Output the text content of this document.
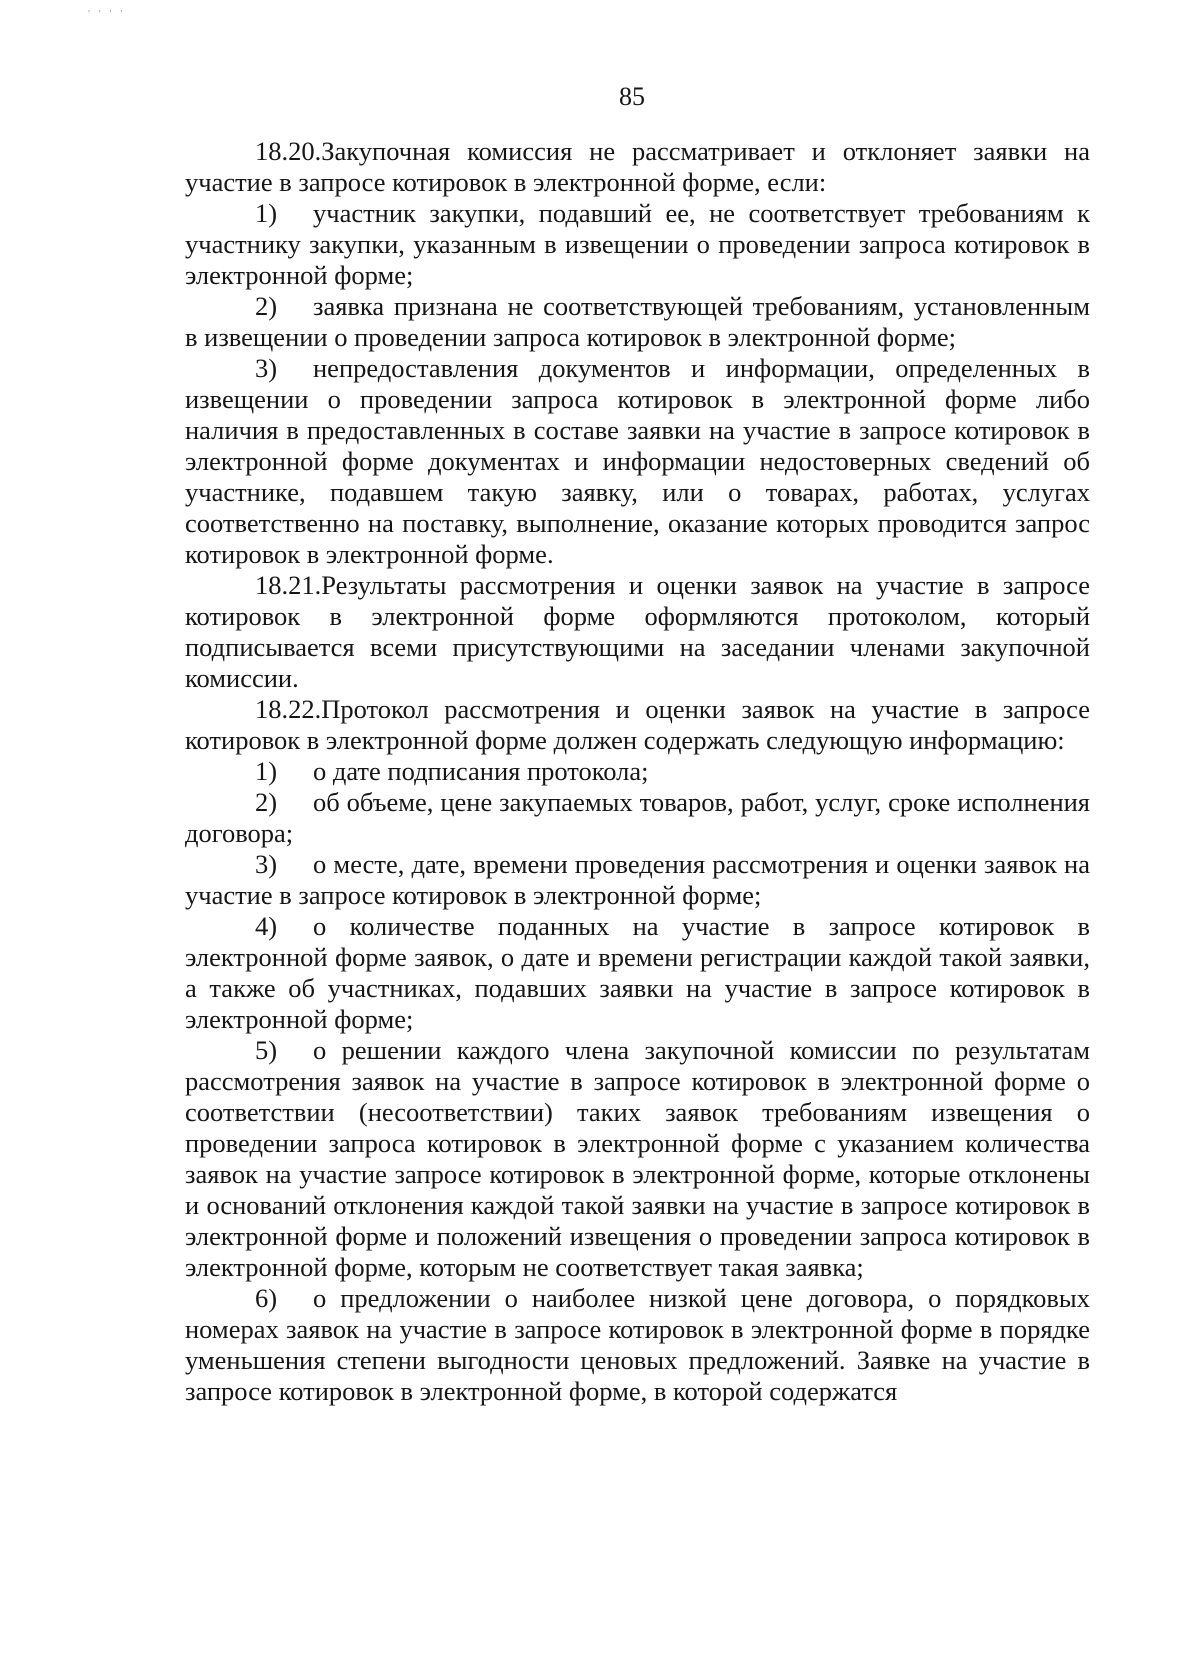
' ' ' '
85

18.20.Закупочная комиссия не рассматривает и отклоняет заявки на участие в запросе котировок в электронной форме, если:

1) участник закупки, подавший ее, не соответствует требованиям к участнику закупки, указанным в извещении о проведении запроса котировок в электронной форме;

2) заявка признана не соответствующей требованиям, установленным в извещении о проведении запроса котировок в электронной форме;

3) непредоставления документов и информации, определенных в извещении о проведении запроса котировок в электронной форме либо наличия в предоставленных в составе заявки на участие в запросе котировок в электронной форме документах и информации недостоверных сведений об участнике, подавшем такую заявку, или о товарах, работах, услугах соответственно на поставку, выполнение, оказание которых проводится запрос котировок в электронной форме.

18.21.Результаты рассмотрения и оценки заявок на участие в запросе котировок в электронной форме оформляются протоколом, который подписывается всеми присутствующими на заседании членами закупочной комиссии.

18.22.Протокол рассмотрения и оценки заявок на участие в запросе котировок в электронной форме должен содержать следующую информацию:

1) о дате подписания протокола;

2) об объеме, цене закупаемых товаров, работ, услуг, сроке исполнения договора;

3) о месте, дате, времени проведения рассмотрения и оценки заявок на участие в запросе котировок в электронной форме;

4) о количестве поданных на участие в запросе котировок в электронной форме заявок, о дате и времени регистрации каждой такой заявки, а также об участниках, подавших заявки на участие в запросе котировок в электронной форме;

5) о решении каждого члена закупочной комиссии по результатам рассмотрения заявок на участие в запросе котировок в электронной форме о соответствии (несоответствии) таких заявок требованиям извещения о проведении запроса котировок в электронной форме с указанием количества заявок на участие запросе котировок в электронной форме, которые отклонены и оснований отклонения каждой такой заявки на участие в запросе котировок в электронной форме и положений извещения о проведении запроса котировок в электронной форме, которым не соответствует такая заявка;

6) о предложении о наиболее низкой цене договора, о порядковых номерах заявок на участие в запросе котировок в электронной форме в порядке уменьшения степени выгодности ценовых предложений. Заявке на участие в запросе котировок в электронной форме, в которой содержатся
